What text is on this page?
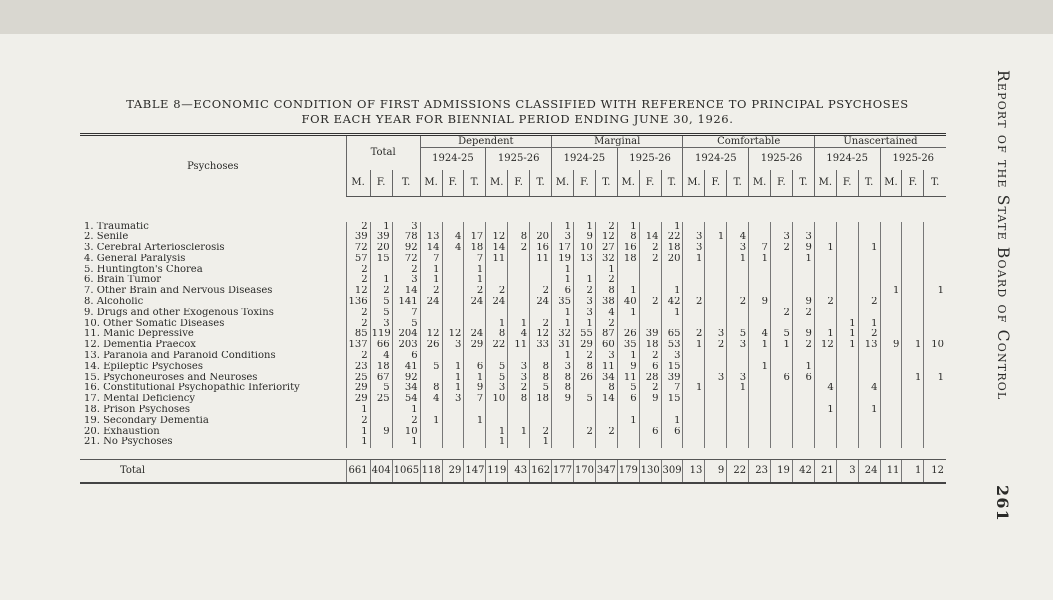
TABLE 8—ECONOMIC CONDITION OF FIRST ADMISSIONS CLASSIFIED WITH REFERENCE TO PRINCIPAL PSYCHOSES
FOR EACH YEAR FOR BIENNIAL PERIOD ENDING JUNE 30, 1926.	Report of the State Board of Control
261
Psychoses	Total			Dependent						Marginal						Comfortable						Unascertained					
				1924-25			1925-26			1924-25			1925-26			1924-25			1925-26			1924-25			1925-26		
	M.	F.	T.	M.	F.	T.	M.	F.	T.	M.	F.	T.	M.	F.	T.	M.	F.	T.	M.	F.	T.	M.	F.	T.	M.	F.	T.

1. Traumatic	2	1	3							1	1	2	1		1												
2. Senile	39	39	78	13	4	17	12	8	20	3	9	12	8	14	22	3	1	4		3	3						
3. Cerebral Arteriosclerosis	72	20	92	14	4	18	14	2	16	17	10	27	16	2	18	3		3	7	2	9	1		1			
4. General Paralysis	57	15	72	7		7	11		11	19	13	32	18	2	20	1		1	1		1						
5. Huntington's Chorea	2		2	1		1				1		1															
6. Brain Tumor	2	1	3	1		1				1	1	2															
7. Other Brain and Nervous Diseases	12	2	14	2		2	2		2	6	2	8	1		1										1		1
8. Alcoholic	136	5	141	24		24	24		24	35	3	38	40	2	42	2		2	9		9	2		2			
9. Drugs and other Exogenous Toxins	2	5	7							1	3	4	1		1					2	2						
10. Other Somatic Diseases	2	3	5				1	1	2	1	1	2											1	1			
11. Manic Depressive	85	119	204	12	12	24	8	4	12	32	55	87	26	39	65	2	3	5	4	5	9	1	1	2			
12. Dementia Praecox	137	66	203	26	3	29	22	11	33	31	29	60	35	18	53	1	2	3	1	1	2	12	1	13	9	1	10
13. Paranoia and Paranoid Conditions	2	4	6							1	2	3	1	2	3												
14. Epileptic Psychoses	23	18	41	5	1	6	5	3	8	3	8	11	9	6	15				1		1						
15. Psychoneuroses and Neuroses	25	67	92		1	1	5	3	8	8	26	34	11	28	39		3	3		6	6					1	1
16. Constitutional Psychopathic Inferiority	29	5	34	8	1	9	3	2	5	8		8	5	2	7	1		1				4		4			
17. Mental Deficiency	29	25	54	4	3	7	10	8	18	9	5	14	6	9	15												
18. Prison Psychoses	1		1																			1		1			
19. Secondary Dementia	2		2	1		1							1		1												
20. Exhaustion	1	9	10				1	1	2		2	2		6	6												
21. No Psychoses	1		1				1		1																		

Total	661	404	1065	118	29	147	119	43	162	177	170	347	179	130	309	13	9	22	23	19	42	21	3	24	11	1	12
